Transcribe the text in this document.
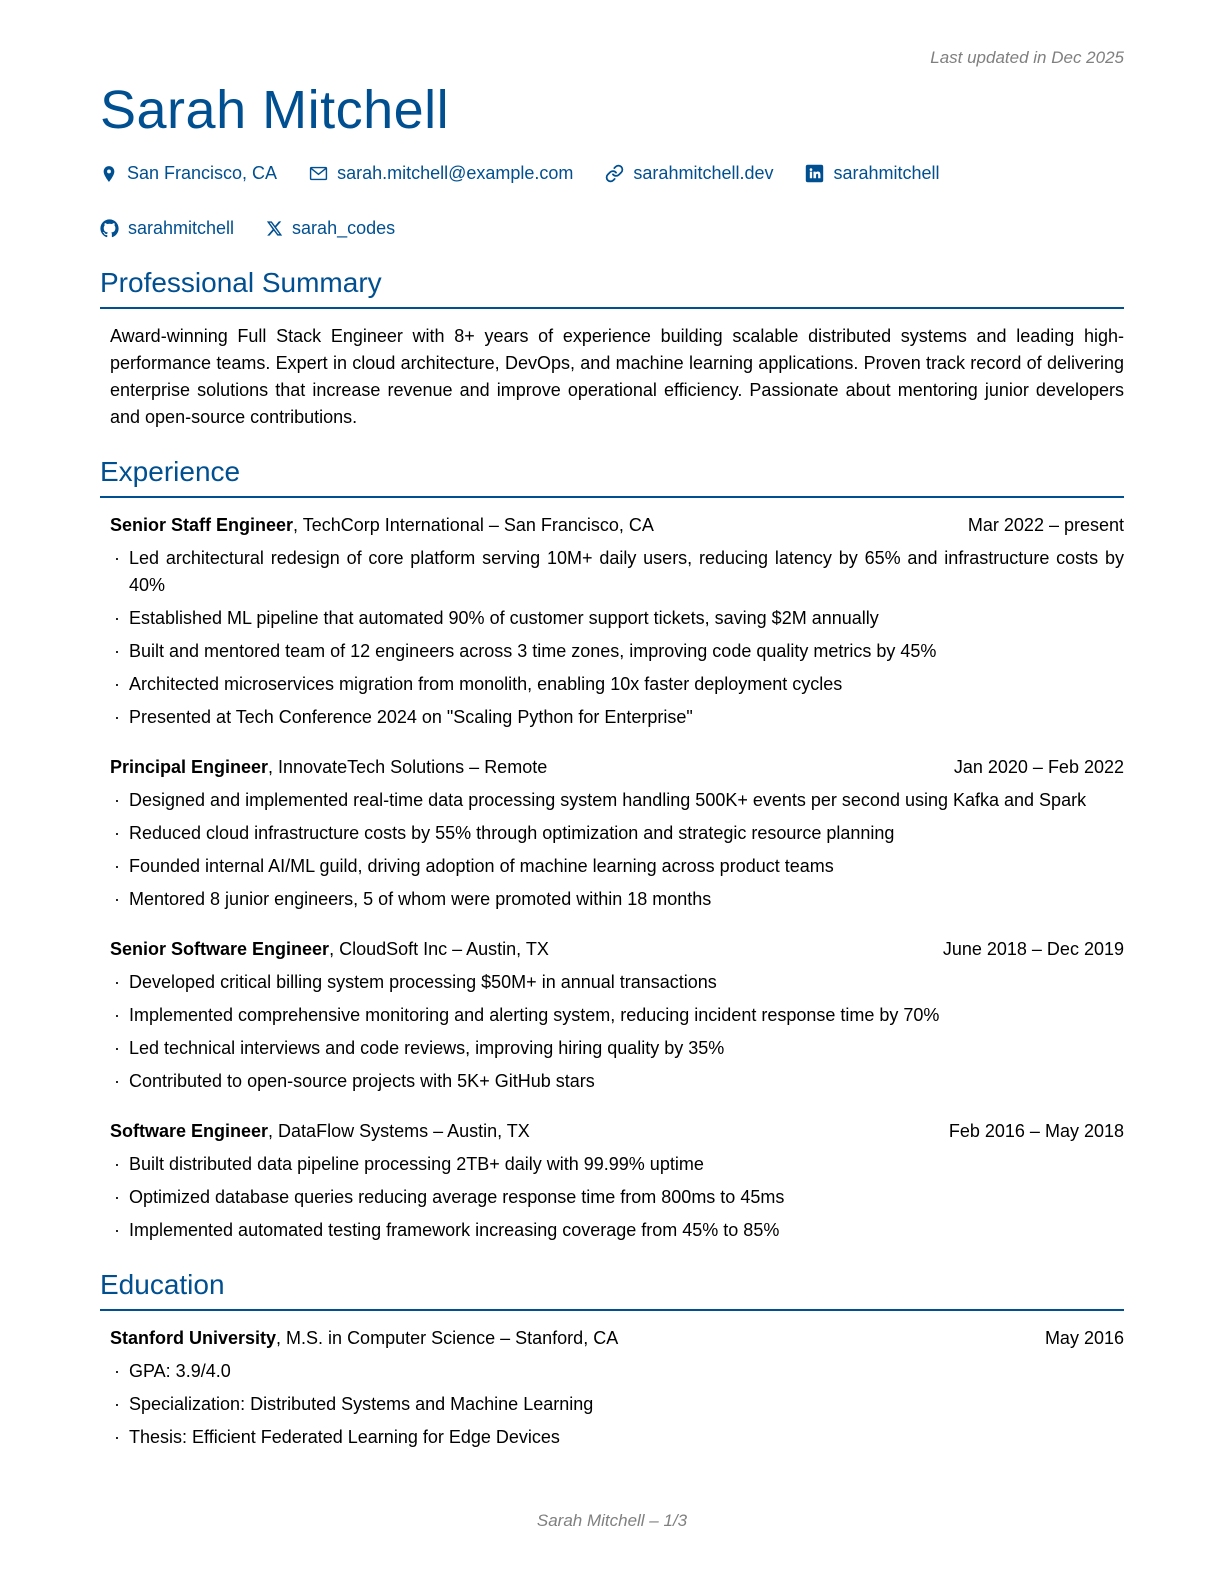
Last updated in Dec 2025
Sarah Mitchell
San Francisco, CA	sarah.mitchell@example.com	sarahmitchell.dev	sarahmitchell
sarahmitchell	sarah_codes
Professional Summary

Award-winning Full Stack Engineer with 8+ years of experience building scalable distributed systems and leading high-performance teams. Expert in cloud architecture, DevOps, and machine learning applications. Proven track record of delivering enterprise solutions that increase revenue and improve operational efficiency. Passionate about mentoring junior developers and open-source contributions.

Experience
Senior Staff Engineer, TechCorp International – San Francisco, CA	Mar 2022 – present
· Led architectural redesign of core platform serving 10M+ daily users, reducing latency by 65% and infrastructure costs by 40%
· Established ML pipeline that automated 90% of customer support tickets, saving $2M annually
· Built and mentored team of 12 engineers across 3 time zones, improving code quality metrics by 45%
· Architected microservices migration from monolith, enabling 10x faster deployment cycles
· Presented at Tech Conference 2024 on "Scaling Python for Enterprise"
Principal Engineer, InnovateTech Solutions – Remote	Jan 2020 – Feb 2022
· Designed and implemented real-time data processing system handling 500K+ events per second using Kafka and Spark
· Reduced cloud infrastructure costs by 55% through optimization and strategic resource planning
· Founded internal AI/ML guild, driving adoption of machine learning across product teams
· Mentored 8 junior engineers, 5 of whom were promoted within 18 months
Senior Software Engineer, CloudSoft Inc – Austin, TX	June 2018 – Dec 2019
· Developed critical billing system processing $50M+ in annual transactions
· Implemented comprehensive monitoring and alerting system, reducing incident response time by 70%
· Led technical interviews and code reviews, improving hiring quality by 35%
· Contributed to open-source projects with 5K+ GitHub stars
Software Engineer, DataFlow Systems – Austin, TX	Feb 2016 – May 2018
· Built distributed data pipeline processing 2TB+ daily with 99.99% uptime
· Optimized database queries reducing average response time from 800ms to 45ms
· Implemented automated testing framework increasing coverage from 45% to 85%
Education
Stanford University, M.S. in Computer Science – Stanford, CA	May 2016
· GPA: 3.9/4.0
· Specialization: Distributed Systems and Machine Learning
· Thesis: Efficient Federated Learning for Edge Devices
Sarah Mitchell – 1/3
